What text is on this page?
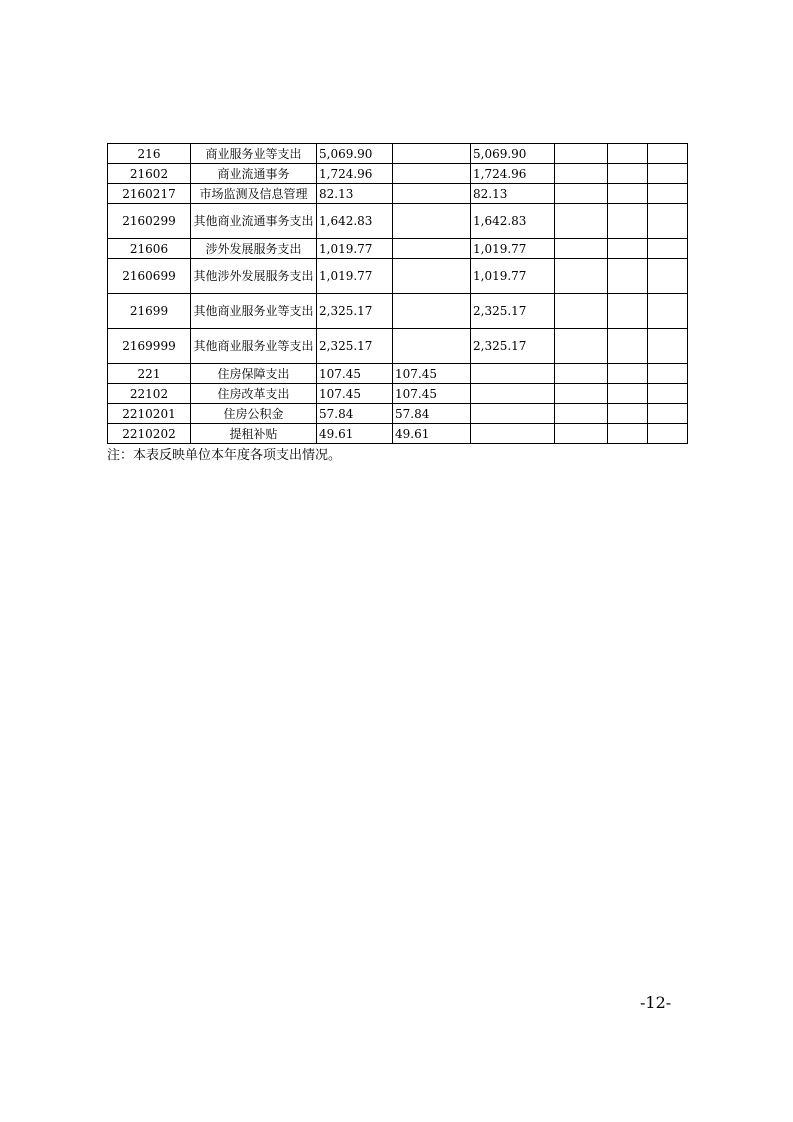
216	商业服务业等支出	5,069.90		5,069.90			
21602	商业流通事务	1,724.96		1,724.96			
2160217	市场监测及信息管理	82.13		82.13			
2160299	其他商业流通事务支出	1,642.83		1,642.83			
21606	涉外发展服务支出	1,019.77		1,019.77			
2160699	其他涉外发展服务支出	1,019.77		1,019.77			
21699	其他商业服务业等支出	2,325.17		2,325.17			
2169999	其他商业服务业等支出	2,325.17		2,325.17			
221	住房保障支出	107.45	107.45				
22102	住房改革支出	107.45	107.45				
2210201	住房公积金	57.84	57.84				
2210202	提租补贴	49.61	49.61				
注：本表反映单位本年度各项支出情况。
-12-
